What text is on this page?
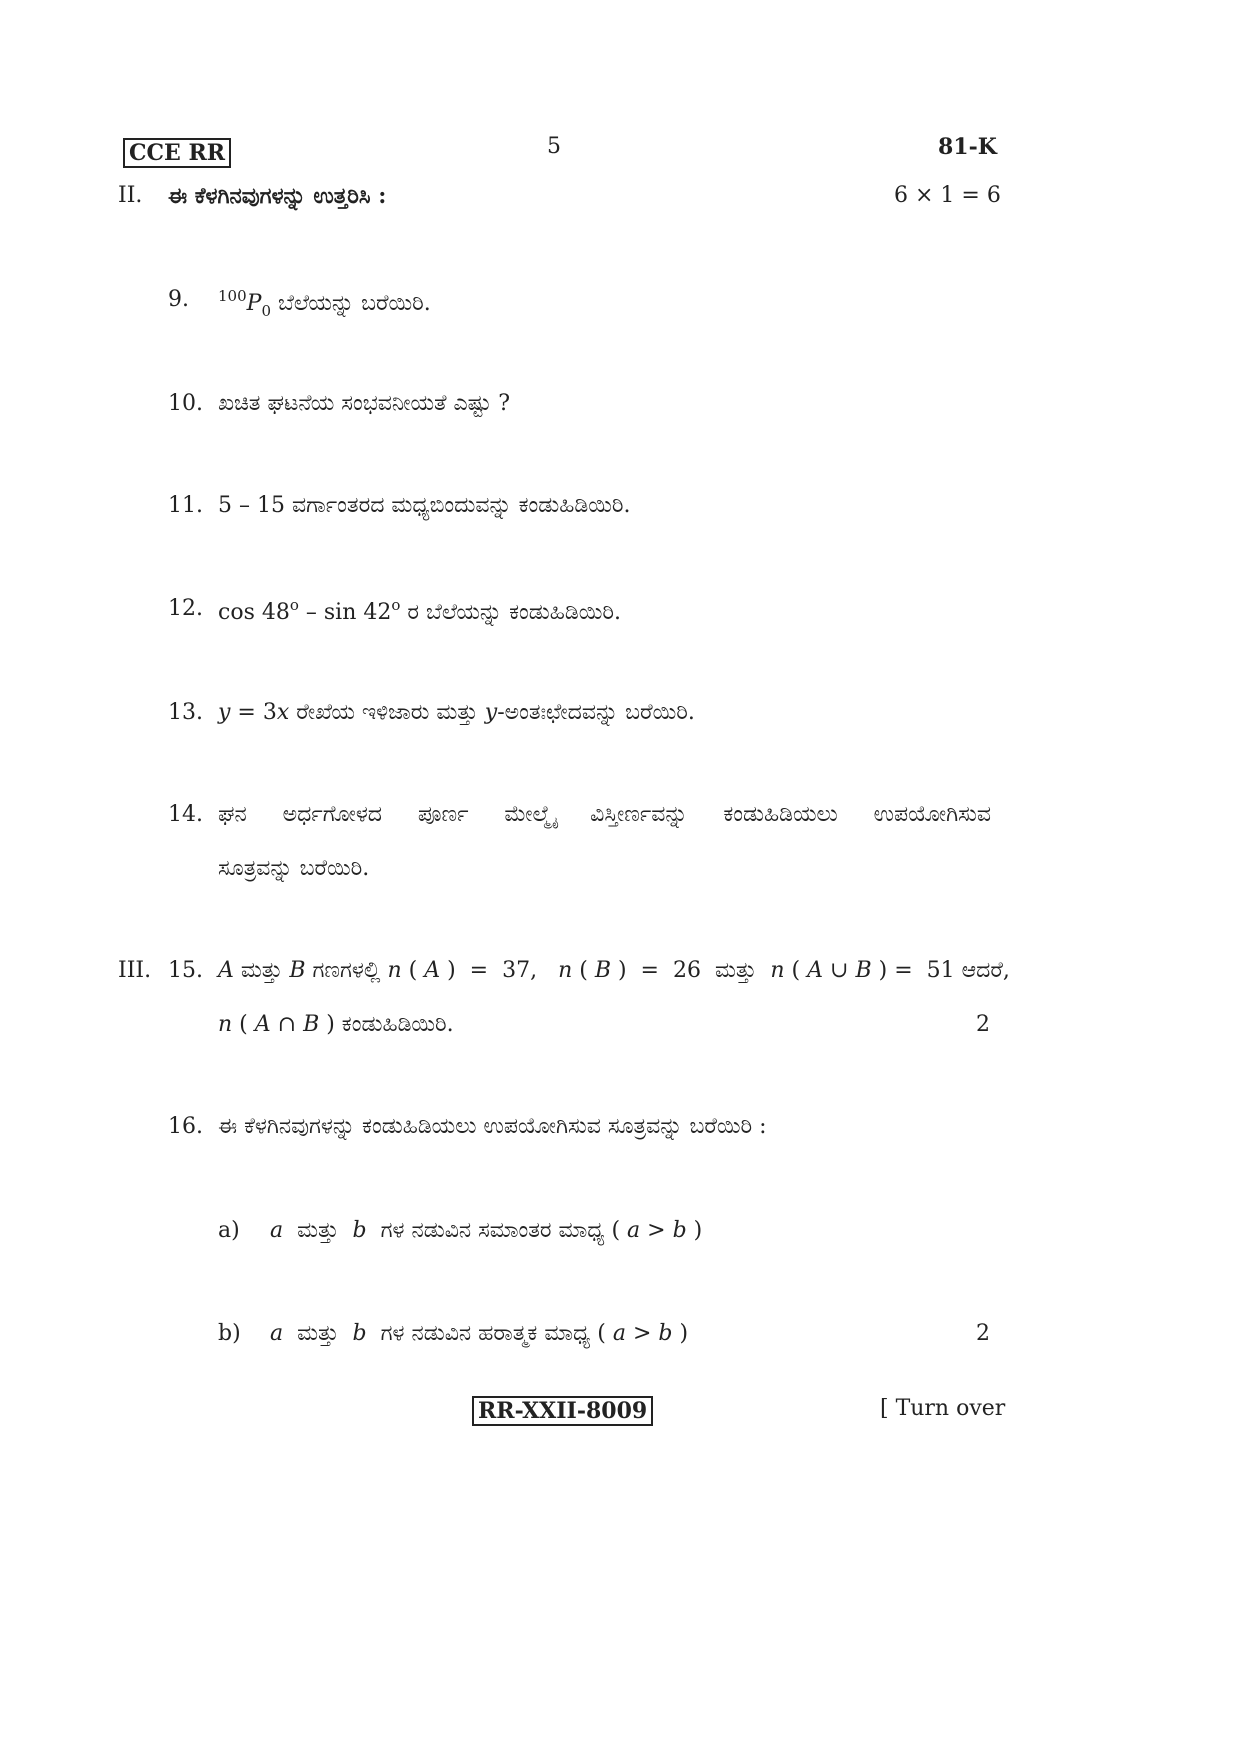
CCE RR	5	81-K
II. ಈ ಕೆಳಗಿನವುಗಳನ್ನು ಉತ್ತರಿಸಿ :	6 × 1 = 6
9. $^{100}P_0$ ಬೆಲೆಯನ್ನು ಬರೆಯಿರಿ.
10. ಖಚಿತ ಘಟನೆಯ ಸಂಭವನೀಯತೆ ಎಷ್ಟು ?
11. 5 – 15 ವರ್ಗಾಂತರದ ಮಧ್ಯಬಿಂದುವನ್ನು ಕಂಡುಹಿಡಿಯಿರಿ.
12. cos 48$^o$ – sin 42$^o$ ರ ಬೆಲೆಯನ್ನು ಕಂಡುಹಿಡಿಯಿರಿ.
13. y = 3x ರೇಖೆಯ ಇಳಿಜಾರು ಮತ್ತು y-ಅಂತಃಛೇದವನ್ನು ಬರೆಯಿರಿ.
14. ಘನ ಅರ್ಧಗೋಳದ ಪೂರ್ಣ ಮೇಲ್ಮೈ ವಿಸ್ತೀರ್ಣವನ್ನು ಕಂಡುಹಿಡಿಯಲು ಉಪಯೋಗಿಸುವ
ಸೂತ್ರವನ್ನು ಬರೆಯಿರಿ.
III. 15. A ಮತ್ತು B ಗಣಗಳಲ್ಲಿ n ( A )  =  37,   n ( B )  =  26  ಮತ್ತು  n ( A ∪ B ) =  51 ಆದರೆ,
n ( A ∩ B ) ಕಂಡುಹಿಡಿಯಿರಿ.	2
16. ಈ ಕೆಳಗಿನವುಗಳನ್ನು ಕಂಡುಹಿಡಿಯಲು ಉಪಯೋಗಿಸುವ ಸೂತ್ರವನ್ನು ಬರೆಯಿರಿ :
a) a  ಮತ್ತು  b  ಗಳ ನಡುವಿನ ಸಮಾಂತರ ಮಾಧ್ಯ ( a > b )
b) a  ಮತ್ತು  b  ಗಳ ನಡುವಿನ ಹರಾತ್ಮಕ ಮಾಧ್ಯ ( a > b )	2
RR-XXII-8009	[ Turn over
